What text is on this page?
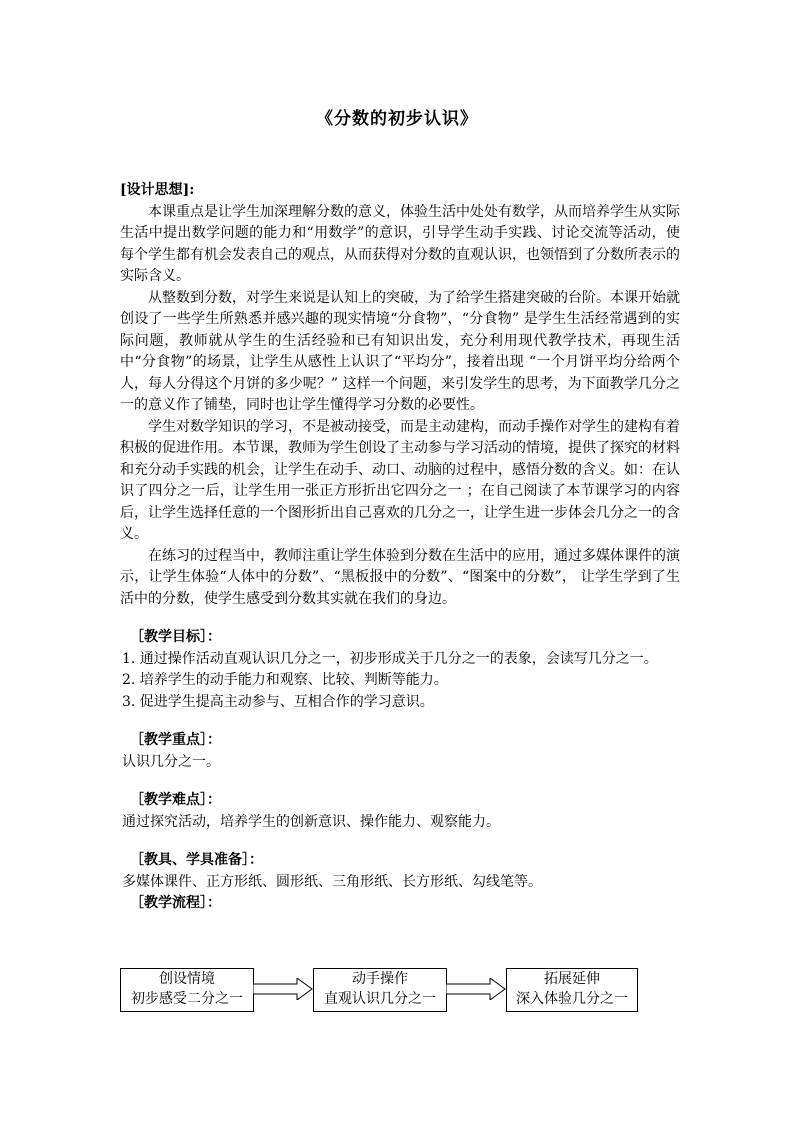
《分数的初步认识》

[设计思想]:

本课重点是让学生加深理解分数的意义，体验生活中处处有数学，从而培养学生从实际生活中提出数学问题的能力和“用数学”的意识，引导学生动手实践、讨论交流等活动，使每个学生都有机会发表自己的观点，从而获得对分数的直观认识，也领悟到了分数所表示的实际含义。

从整数到分数，对学生来说是认知上的突破，为了给学生搭建突破的台阶。本课开始就创设了一些学生所熟悉并感兴趣的现实情境“分食物”，“分食物” 是学生生活经常遇到的实际问题，教师就从学生的生活经验和已有知识出发，充分利用现代教学技术，再现生活中“分食物”的场景，让学生从感性上认识了“平均分”，接着出现 “一个月饼平均分给两个人，每人分得这个月饼的多少呢？” 这样一个问题，来引发学生的思考，为下面教学几分之一的意义作了铺垫，同时也让学生懂得学习分数的必要性。

学生对数学知识的学习，不是被动接受，而是主动建构，而动手操作对学生的建构有着积极的促进作用。本节课，教师为学生创设了主动参与学习活动的情境，提供了探究的材料和充分动手实践的机会，让学生在动手、动口、动脑的过程中，感悟分数的含义。如：在认识了四分之一后，让学生用一张正方形折出它四分之一 ；在自己阅读了本节课学习的内容后，让学生选择任意的一个图形折出自己喜欢的几分之一，让学生进一步体会几分之一的含义。

在练习的过程当中，教师注重让学生体验到分数在生活中的应用，通过多媒体课件的演示，让学生体验“人体中的分数”、“黑板报中的分数”、“图案中的分数”， 让学生学到了生活中的分数，使学生感受到分数其实就在我们的身边。

［教学目标］：

1. 通过操作活动直观认识几分之一，初步形成关于几分之一的表象，会读写几分之一。

2. 培养学生的动手能力和观察、比较、判断等能力。

3. 促进学生提高主动参与、互相合作的学习意识。

［教学重点］：

认识几分之一。

［教学难点］：

通过探究活动，培养学生的创新意识、操作能力、观察能力。

［教具、学具准备］：

多媒体课件、正方形纸、圆形纸、三角形纸、长方形纸、勾线笔等。

［教学流程］：

创设情境
初步感受二分之一
动手操作
直观认识几分之一
拓展延伸
深入体验几分之一
